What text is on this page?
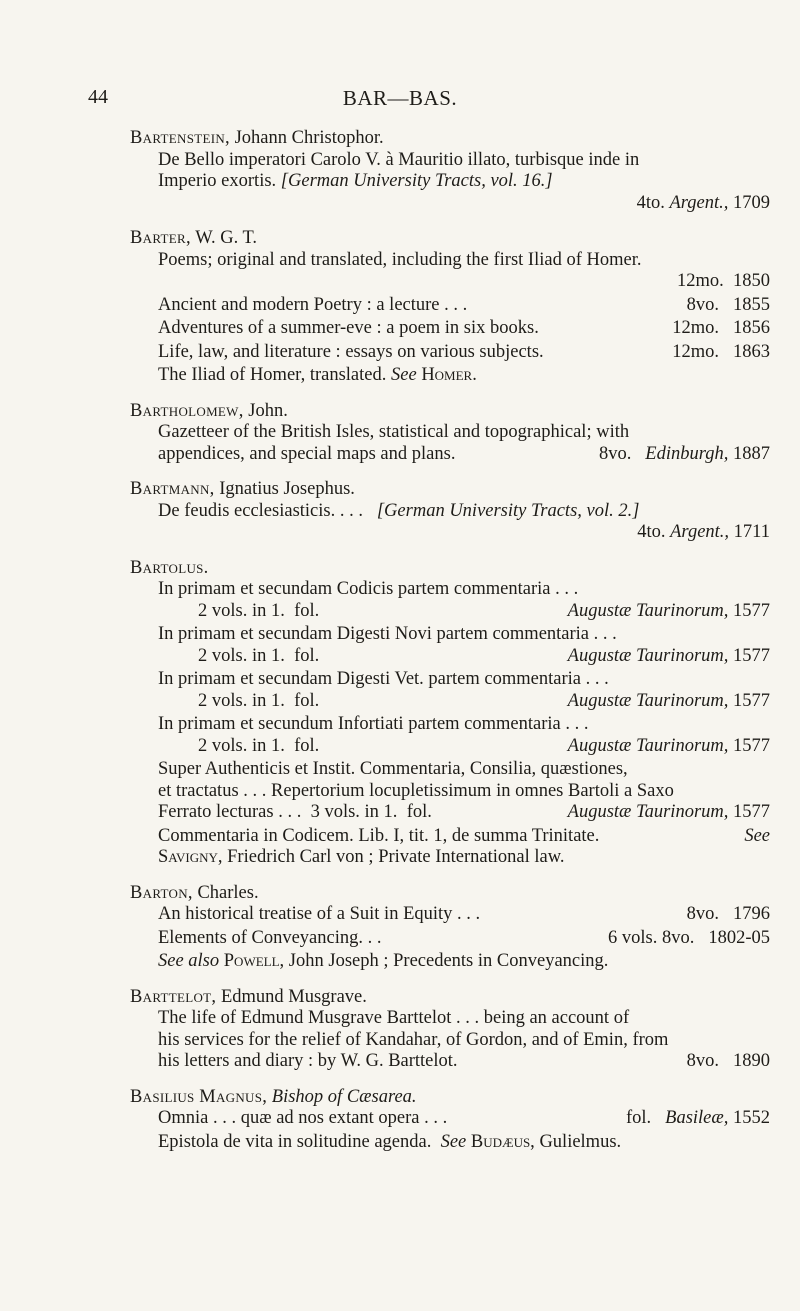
44	BAR—BAS.
Bartenstein, Johann Christophor.
De Bello imperatori Carolo V. à Mauritio illato, turbisque inde in
Imperio exortis. [German University Tracts, vol. 16.]
4to. Argent., 1709
Barter, W. G. T.
Poems; original and translated, including the first Iliad of Homer.
12mo. 1850
Ancient and modern Poetry : a lecture . . .	8vo. 1855
Adventures of a summer-eve : a poem in six books.	12mo. 1856
Life, law, and literature : essays on various subjects.	12mo. 1863
The Iliad of Homer, translated. See Homer.
Bartholomew, John.
Gazetteer of the British Isles, statistical and topographical; with
appendices, and special maps and plans.	8vo. Edinburgh, 1887
Bartmann, Ignatius Josephus.
De feudis ecclesiasticis. . . . [German University Tracts, vol. 2.]
4to. Argent., 1711
Bartolus.
In primam et secundam Codicis partem commentaria . . .
2 vols. in 1. fol.	Augustæ Taurinorum, 1577
In primam et secundam Digesti Novi partem commentaria . . .
2 vols. in 1. fol.	Augustæ Taurinorum, 1577
In primam et secundam Digesti Vet. partem commentaria . . .
2 vols. in 1. fol.	Augustæ Taurinorum, 1577
In primam et secundum Infortiati partem commentaria . . .
2 vols. in 1. fol.	Augustæ Taurinorum, 1577
Super Authenticis et Instit. Commentaria, Consilia, quæstiones,
et tractatus . . . Repertorium locupletissimum in omnes Bartoli a Saxo
Ferrato lecturas . . . 3 vols. in 1. fol.	Augustæ Taurinorum, 1577
Commentaria in Codicem. Lib. I, tit. 1, de summa Trinitate.	See
Savigny, Friedrich Carl von ; Private International law.
Barton, Charles.
An historical treatise of a Suit in Equity . . .	8vo. 1796
Elements of Conveyancing. . .	6 vols. 8vo. 1802-05
See also Powell, John Joseph ; Precedents in Conveyancing.
Barttelot, Edmund Musgrave.
The life of Edmund Musgrave Barttelot . . . being an account of
his services for the relief of Kandahar, of Gordon, and of Emin, from
his letters and diary : by W. G. Barttelot.	8vo. 1890
Basilius Magnus, Bishop of Cæsarea.
Omnia . . . quæ ad nos extant opera . . .	fol. Basileæ, 1552
Epistola de vita in solitudine agenda. See Budæus, Gulielmus.
